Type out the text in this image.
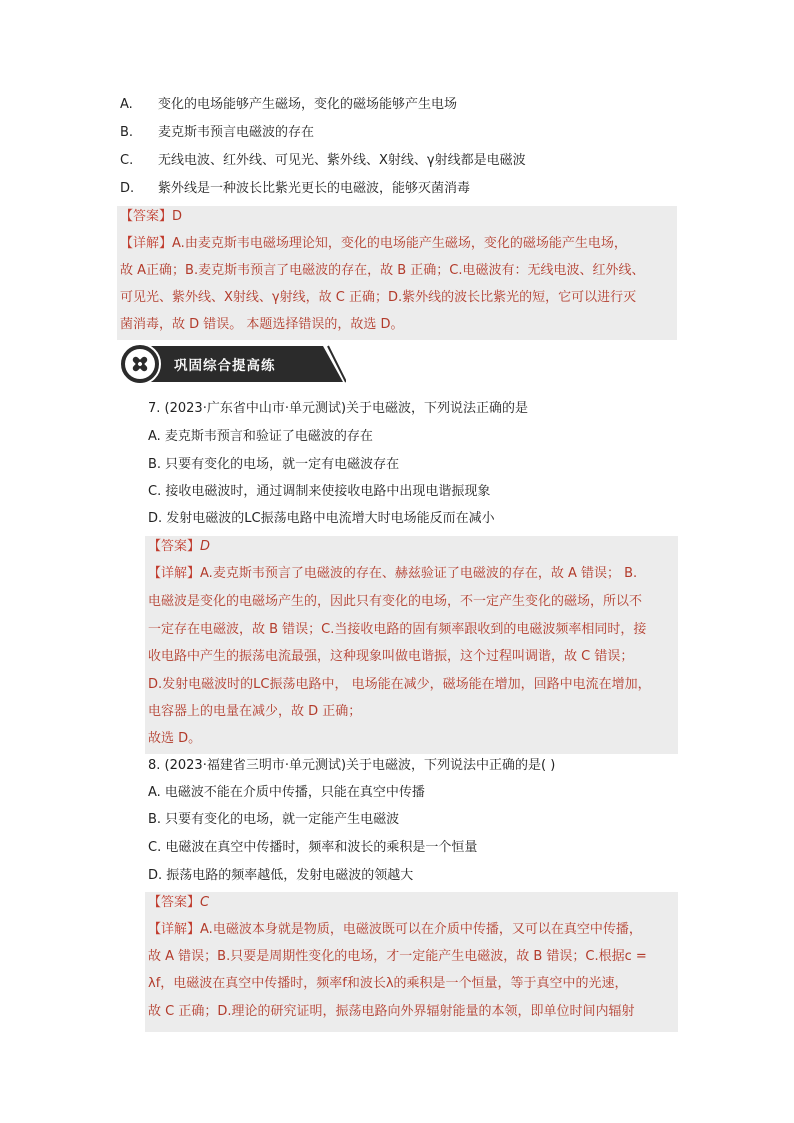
A. 变化的电场能够产生磁场，变化的磁场能够产生电场
B. 麦克斯韦预言电磁波的存在
C. 无线电波、红外线、可见光、紫外线、X射线、γ射线都是电磁波
D. 紫外线是一种波长比紫光更长的电磁波，能够灭菌消毒
【答案】D
【详解】A.由麦克斯韦电磁场理论知，变化的电场能产生磁场，变化的磁场能产生电场，
故 A正确；B.麦克斯韦预言了电磁波的存在，故 B 正确；C.电磁波有：无线电波、红外线、
可见光、紫外线、X射线、γ射线，故 C 正确；D.紫外线的波长比紫光的短，它可以进行灭
菌消毒，故 D 错误。 本题选择错误的，故选 D。
巩固综合提高练
7. (2023·广东省中山市·单元测试)关于电磁波，下列说法正确的是
A. 麦克斯韦预言和验证了电磁波的存在
B. 只要有变化的电场，就一定有电磁波存在
C. 接收电磁波时，通过调制来使接收电路中出现电谐振现象
D. 发射电磁波的LC振荡电路中电流增大时电场能反而在减小
【答案】D
【详解】A.麦克斯韦预言了电磁波的存在、赫兹验证了电磁波的存在，故 A 错误； B.
电磁波是变化的电磁场产生的，因此只有变化的电场，不一定产生变化的磁场，所以不
一定存在电磁波，故 B 错误；C.当接收电路的固有频率跟收到的电磁波频率相同时，接
收电路中产生的振荡电流最强，这种现象叫做电谐振，这个过程叫调谐，故 C 错误；
D.发射电磁波时的LC振荡电路中， 电场能在减少，磁场能在增加，回路中电流在增加，
电容器上的电量在减少，故 D 正确；
故选 D。
8. (2023·福建省三明市·单元测试)关于电磁波，下列说法中正确的是( )
A. 电磁波不能在介质中传播，只能在真空中传播
B. 只要有变化的电场，就一定能产生电磁波
C. 电磁波在真空中传播时，频率和波长的乘积是一个恒量
D. 振荡电路的频率越低，发射电磁波的领越大
【答案】C
【详解】A.电磁波本身就是物质，电磁波既可以在介质中传播，又可以在真空中传播，
故 A 错误；B.只要是周期性变化的电场，才一定能产生电磁波，故 B 错误；C.根据c =
λf，电磁波在真空中传播时，频率f和波长λ的乘积是一个恒量，等于真空中的光速，
故 C 正确；D.理论的研究证明，振荡电路向外界辐射能量的本领，即单位时间内辐射
